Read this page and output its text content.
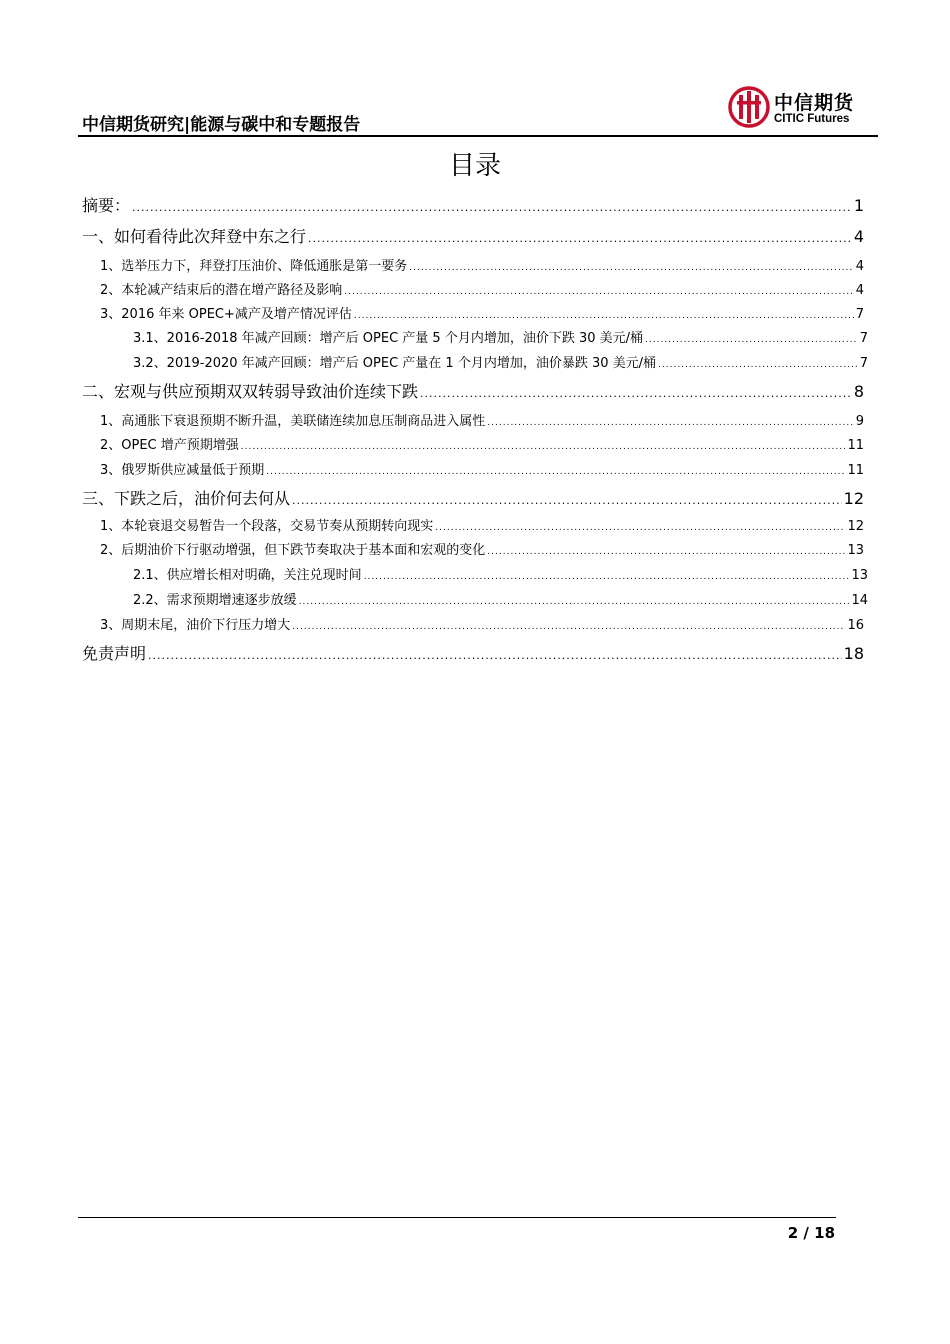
中信期货研究|能源与碳中和专题报告
中信期货
CITIC Futures
目录
摘要： .....	1
一、如何看待此次拜登中东之行 .....	4
1、选举压力下，拜登打压油价、降低通胀是第一要务 .....	4
2、本轮减产结束后的潜在增产路径及影响 .....	4
3、2016 年来 OPEC+减产及增产情况评估 .....	7
3.1、2016-2018 年减产回顾：增产后 OPEC 产量 5 个月内增加，油价下跌 30 美元/桶 .....	7
3.2、2019-2020 年减产回顾：增产后 OPEC 产量在 1 个月内增加，油价暴跌 30 美元/桶 .....	7
二、宏观与供应预期双双转弱导致油价连续下跌 .....	8
1、高通胀下衰退预期不断升温，美联储连续加息压制商品进入属性 .....	9
2、OPEC 增产预期增强 .....	11
3、俄罗斯供应减量低于预期 .....	11
三、下跌之后，油价何去何从 .....	12
1、本轮衰退交易暂告一个段落，交易节奏从预期转向现实 .....	12
2、后期油价下行驱动增强，但下跌节奏取决于基本面和宏观的变化 .....	13
2.1、供应增长相对明确，关注兑现时间 .....	13
2.2、需求预期增速逐步放缓 .....	14
3、周期末尾，油价下行压力增大 .....	16
免责声明 .....	18
2 / 18
